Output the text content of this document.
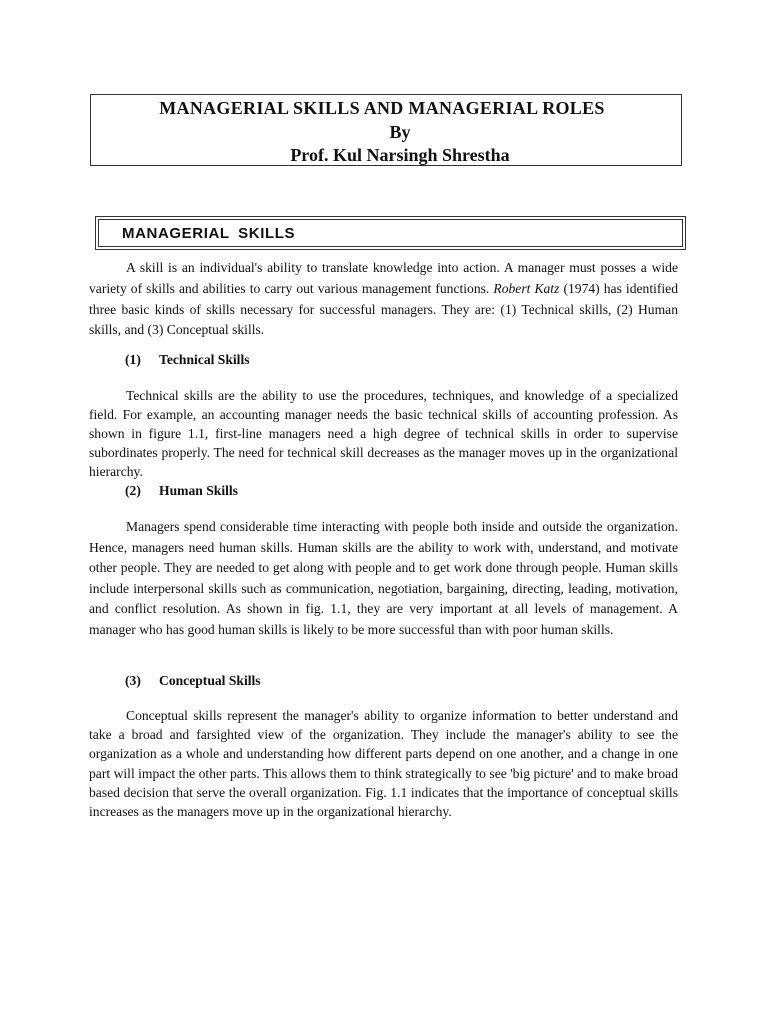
MANAGERIAL SKILLS AND MANAGERIAL ROLES
By
Prof. Kul Narsingh Shrestha
MANAGERIAL SKILLS

A skill is an individual's ability to translate knowledge into action. A manager must posses a wide variety of skills and abilities to carry out various management functions. Robert Katz (1974) has identified three basic kinds of skills necessary for successful managers. They are: (1) Technical skills, (2) Human skills, and (3) Conceptual skills.

(1) Technical Skills

Technical skills are the ability to use the procedures, techniques, and knowledge of a specialized field. For example, an accounting manager needs the basic technical skills of accounting profession. As shown in figure 1.1, first-line managers need a high degree of technical skills in order to supervise subordinates properly. The need for technical skill decreases as the manager moves up in the organizational hierarchy.

(2) Human Skills

Managers spend considerable time interacting with people both inside and outside the organization. Hence, managers need human skills. Human skills are the ability to work with, understand, and motivate other people. They are needed to get along with people and to get work done through people. Human skills include interpersonal skills such as communication, negotiation, bargaining, directing, leading, motivation, and conflict resolution. As shown in fig. 1.1, they are very important at all levels of management. A manager who has good human skills is likely to be more successful than with poor human skills.

(3) Conceptual Skills

Conceptual skills represent the manager's ability to organize information to better understand and take a broad and farsighted view of the organization. They include the manager's ability to see the organization as a whole and understanding how different parts depend on one another, and a change in one part will impact the other parts. This allows them to think strategically to see 'big picture' and to make broad based decision that serve the overall organization. Fig. 1.1 indicates that the importance of conceptual skills increases as the managers move up in the organizational hierarchy.
